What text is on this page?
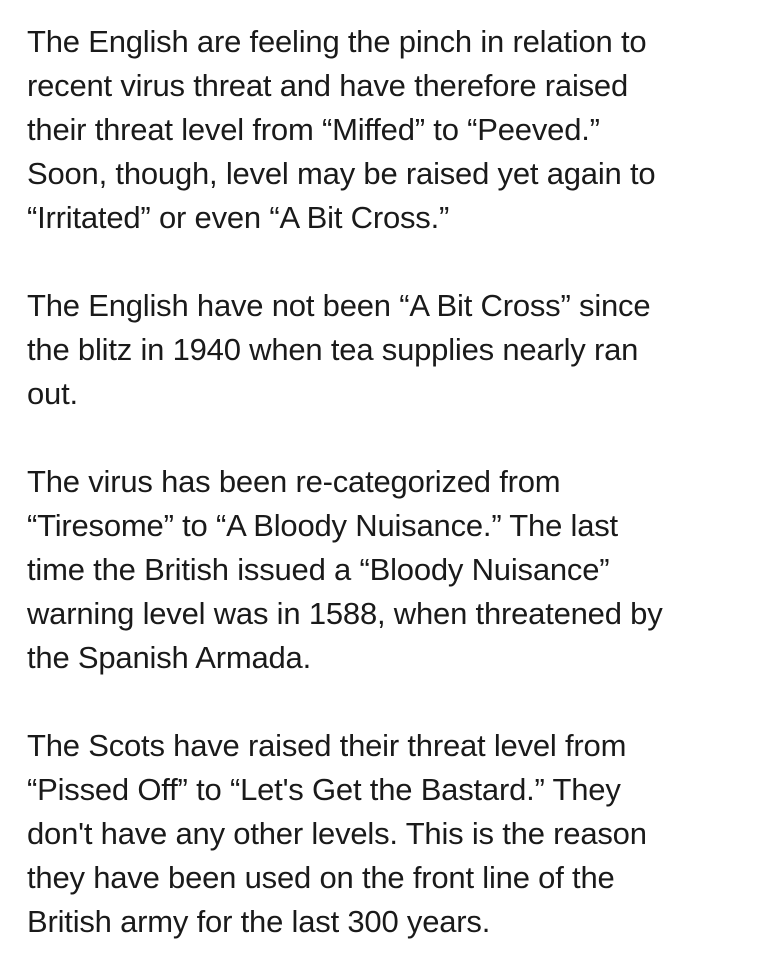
The English are feeling the pinch in relation to
recent virus threat and have therefore raised
their threat level from “Miffed” to “Peeved.”
Soon, though, level may be raised yet again to
“Irritated” or even “A Bit Cross.”

The English have not been “A Bit Cross” since
the blitz in 1940 when tea supplies nearly ran
out.

The virus has been re-categorized from
“Tiresome” to “A Bloody Nuisance.” The last
time the British issued a “Bloody Nuisance”
warning level was in 1588, when threatened by
the Spanish Armada.

The Scots have raised their threat level from
“Pissed Off” to “Let's Get the Bastard.” They
don't have any other levels. This is the reason
they have been used on the front line of the
British army for the last 300 years.
